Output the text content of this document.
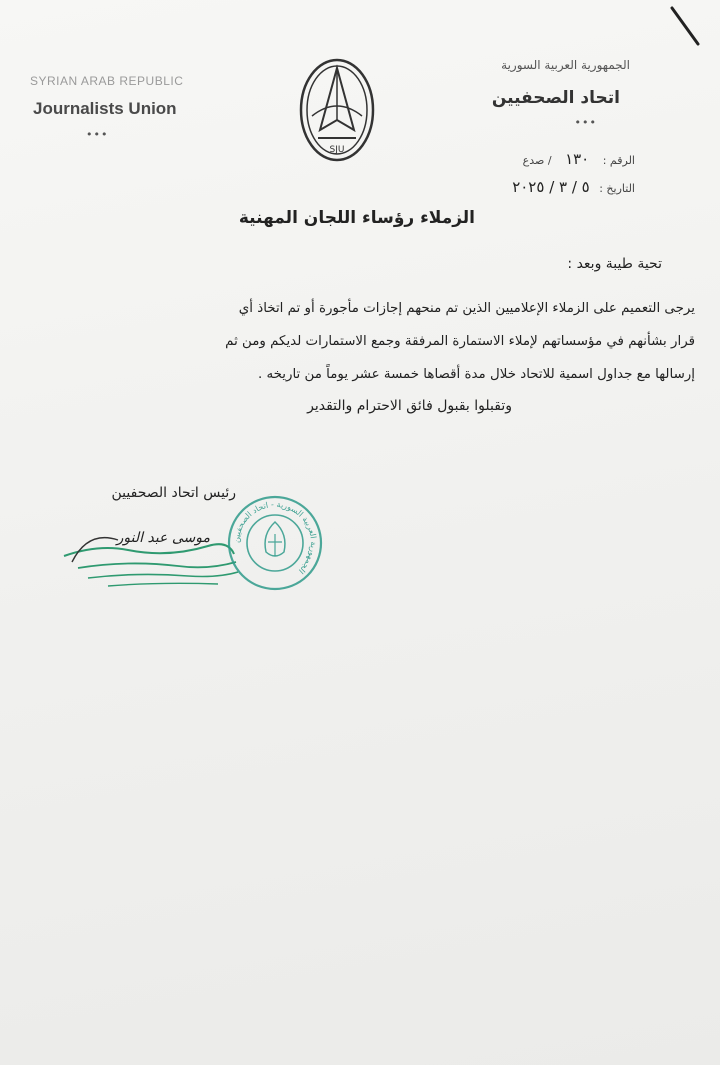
SYRIAN ARAB REPUBLIC
Journalists Union
•••
SJU
الجمهورية العربية السورية
اتحاد الصحفيين
•••
الرقم : ١٣٠ / صدع
التاريخ : ٥ / ٣ / ٢٠٢٥
الزملاء رؤساء اللجان المهنية
تحية طيبة وبعد :

يرجى التعميم على الزملاء الإعلاميين الذين تم منحهم إجازات مأجورة أو تم اتخاذ أي

قرار بشأنهم في مؤسساتهم لإملاء الاستمارة المرفقة وجمع الاستمارات لديكم ومن ثم

إرسالها مع جداول اسمية للاتحاد خلال مدة أقصاها خمسة عشر يوماً من تاريخه .

وتقبلوا بقبول فائق الاحترام والتقدير
رئيس اتحاد الصحفيين
موسى عبد النور	الجمهورية العربية السورية - اتحاد الصحفيين
